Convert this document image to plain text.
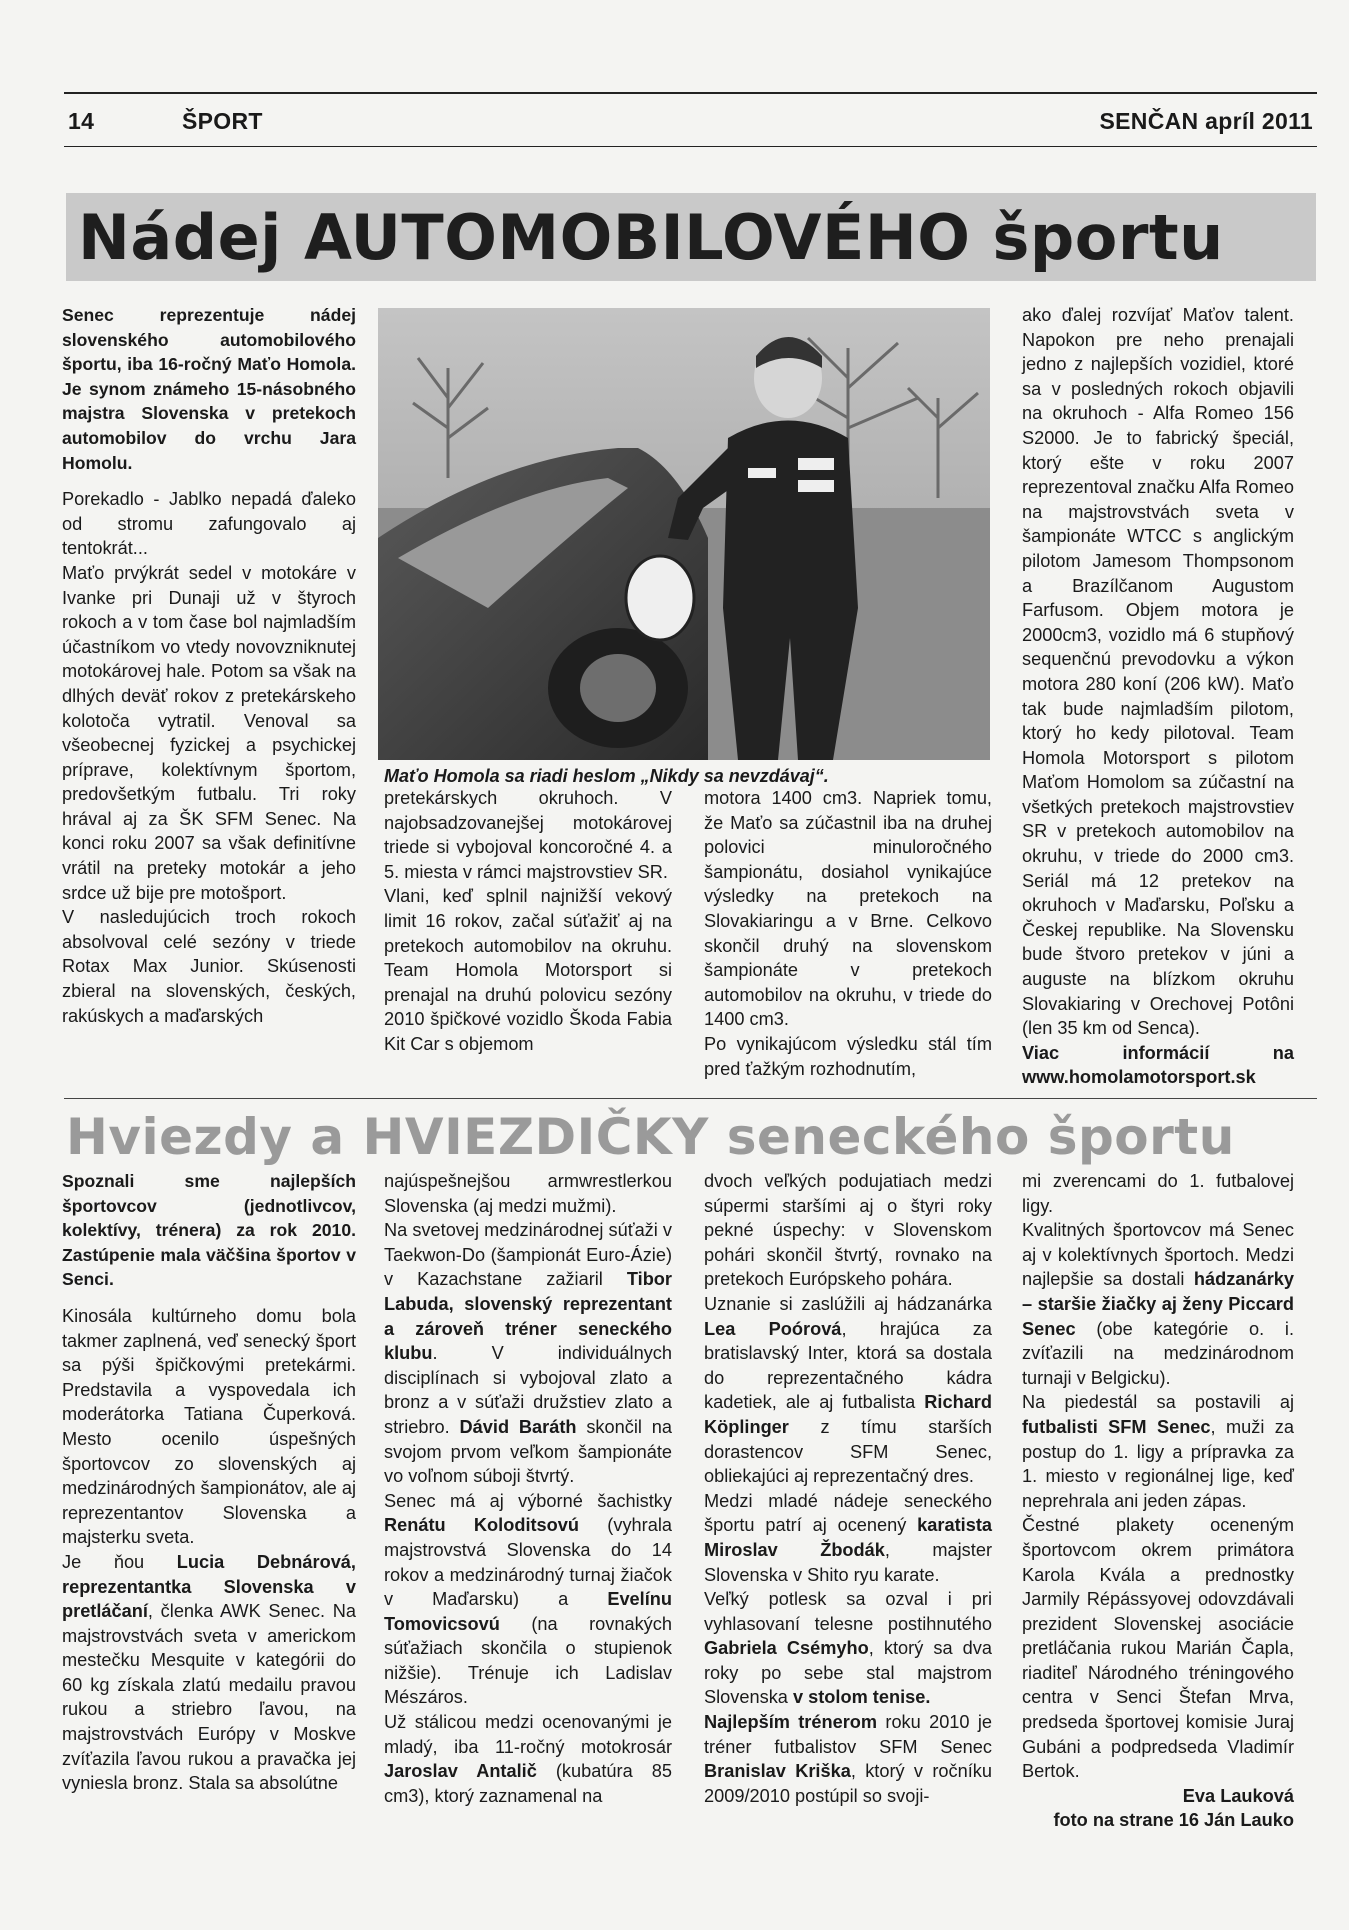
14	ŠPORT	SENČAN apríl 2011
Nádej AUTOMOBILOVÉHO športu

Senec reprezentuje nádej slovenského automobilového športu, iba 16-ročný Maťo Homola. Je synom známeho 15-násobného majstra Slovenska v pretekoch automobilov do vrchu Jara Homolu.

Porekadlo - Jablko nepadá ďaleko od stromu zafungovalo aj tentokrát...

Maťo prvýkrát sedel v motokáre v Ivanke pri Dunaji už v štyroch rokoch a v tom čase bol najmladším účastníkom vo vtedy novovzniknutej motokárovej hale. Potom sa však na dlhých deväť rokov z pretekárskeho kolotoča vytratil. Venoval sa všeobecnej fyzickej a psychickej príprave, kolektívnym športom, predovšetkým futbalu. Tri roky hrával aj za ŠK SFM Senec. Na konci roku 2007 sa však definitívne vrátil na preteky motokár a jeho srdce už bije pre motošport.

V nasledujúcich troch rokoch absolvoval celé sezóny v triede Rotax Max Junior. Skúsenosti zbieral na slovenských, českých, rakúskych a maďarských

Maťo Homola sa riadi heslom „Nikdy sa nevzdávaj“.

pretekárskych okruhoch. V najobsadzovanejšej motokárovej triede si vybojoval koncoročné 4. a 5. miesta v rámci majstrovstiev SR.

Vlani, keď splnil najnižší vekový limit 16 rokov, začal súťažiť aj na pretekoch automobilov na okruhu. Team Homola Motorsport si prenajal na druhú polovicu sezóny 2010 špičkové vozidlo Škoda Fabia Kit Car s objemom

motora 1400 cm3. Napriek tomu, že Maťo sa zúčastnil iba na druhej polovici minuloročného šampionátu, dosiahol vynikajúce výsledky na pretekoch na Slovakiaringu a v Brne. Celkovo skončil druhý na slovenskom šampionáte v pretekoch automobilov na okruhu, v triede do 1400 cm3.

Po vynikajúcom výsledku stál tím pred ťažkým rozhodnutím,

ako ďalej rozvíjať Maťov talent. Napokon pre neho prenajali jedno z najlepších vozidiel, ktoré sa v posledných rokoch objavili na okruhoch - Alfa Romeo 156 S2000. Je to fabrický špeciál, ktorý ešte v roku 2007 reprezentoval značku Alfa Romeo na majstrovstvách sveta v šampionáte WTCC s anglickým pilotom Jamesom Thompsonom a Brazílčanom Augustom Farfusom. Objem motora je 2000cm3, vozidlo má 6 stupňový sequenčnú prevodovku a výkon motora 280 koní (206 kW). Maťo tak bude najmladším pilotom, ktorý ho kedy pilotoval. Team Homola Motorsport s pilotom Maťom Homolom sa zúčastní na všetkých pretekoch majstrovstiev SR v pretekoch automobilov na okruhu, v triede do 2000 cm3. Seriál má 12 pretekov na okruhoch v Maďarsku, Poľsku a Českej republike. Na Slovensku bude štvoro pretekov v júni a auguste na blízkom okruhu Slovakiaring v Orechovej Potôni (len 35 km od Senca).

Viac informácií na www.homolamotorsport.sk

Hviezdy a HVIEZDIČKY seneckého športu

Spoznali sme najlepších športovcov (jednotlivcov, kolektívy, trénera) za rok 2010. Zastúpenie mala väčšina športov v Senci.

Kinosála kultúrneho domu bola takmer zaplnená, veď senecký šport sa pýši špičkovými pretekármi. Predstavila a vyspovedala ich moderátorka Tatiana Čuperková. Mesto ocenilo úspešných športovcov zo slovenských aj medzinárodných šampionátov, ale aj reprezentantov Slovenska a majsterku sveta.

Je ňou Lucia Debnárová, reprezentantka Slovenska v pretláčaní, členka AWK Senec. Na majstrovstvách sveta v americkom mestečku Mesquite v kategórii do 60 kg získala zlatú medailu pravou rukou a striebro ľavou, na majstrovstvách Európy v Moskve zvíťazila ľavou rukou a pravačka jej vyniesla bronz. Stala sa absolútne

najúspešnejšou armwrestlerkou Slovenska (aj medzi mužmi).

Na svetovej medzinárodnej súťaži v Taekwon-Do (šampionát Euro-Ázie) v Kazachstane zažiaril Tibor Labuda, slovenský reprezentant a zároveň tréner seneckého klubu. V individuálnych disciplínach si vybojoval zlato a bronz a v súťaži družstiev zlato a striebro. Dávid Baráth skončil na svojom prvom veľkom šampionáte vo voľnom súboji štvrtý.

Senec má aj výborné šachistky Renátu Koloditsovú (vyhrala majstrovstvá Slovenska do 14 rokov a medzinárodný turnaj žiačok v Maďarsku) a Evelínu Tomovicsovú (na rovnakých súťažiach skončila o stupienok nižšie). Trénuje ich Ladislav Mészáros.

Už stálicou medzi ocenovanými je mladý, iba 11-ročný motokrosár Jaroslav Antalič (kubatúra 85 cm3), ktorý zaznamenal na

dvoch veľkých podujatiach medzi súpermi staršími aj o štyri roky pekné úspechy: v Slovenskom pohári skončil štvrtý, rovnako na pretekoch Európskeho pohára.

Uznanie si zaslúžili aj hádzanárka Lea Poórová, hrajúca za bratislavský Inter, ktorá sa dostala do reprezentačného kádra kadetiek, ale aj futbalista Richard Köplinger z tímu starších dorastencov SFM Senec, obliekajúci aj reprezentačný dres.

Medzi mladé nádeje seneckého športu patrí aj ocenený karatista Miroslav Žbodák, majster Slovenska v Shito ryu karate.

Veľký potlesk sa ozval i pri vyhlasovaní telesne postihnutého Gabriela Csémyho, ktorý sa dva roky po sebe stal majstrom Slovenska v stolom tenise.

Najlepším trénerom roku 2010 je tréner futbalistov SFM Senec Branislav Kriška, ktorý v ročníku 2009/2010 postúpil so svoji-

mi zverencami do 1. futbalovej ligy.

Kvalitných športovcov má Senec aj v kolektívnych športoch. Medzi najlepšie sa dostali hádzanárky – staršie žiačky aj ženy Piccard Senec (obe kategórie o. i. zvíťazili na medzinárodnom turnaji v Belgicku).

Na piedestál sa postavili aj futbalisti SFM Senec, muži za postup do 1. ligy a prípravka za 1. miesto v regionálnej lige, keď neprehrala ani jeden zápas.

Čestné plakety oceneným športovcom okrem primátora Karola Kvála a prednostky Jarmily Répássyovej odovzdávali prezident Slovenskej asociácie pretláčania rukou Marián Čapla, riaditeľ Národného tréningového centra v Senci Štefan Mrva, predseda športovej komisie Juraj Gubáni a podpredseda Vladimír Bertok.

Eva Lauková

foto na strane 16 Ján Lauko
